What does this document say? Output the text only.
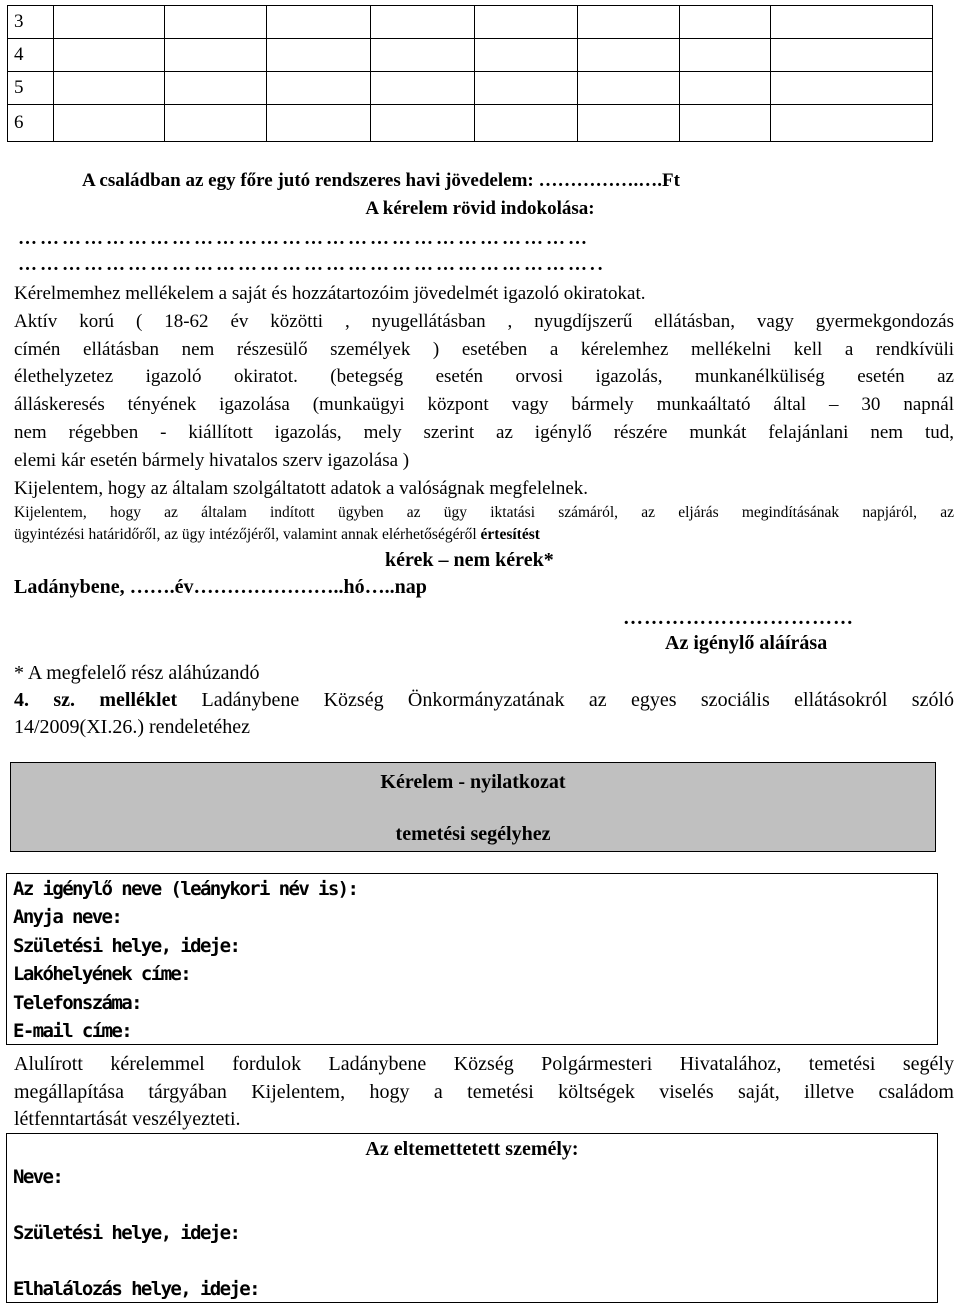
3								
4								
5								
6								
A családban az egy főre jutó rendszeres havi jövedelem: …………….….Ft
A kérelem rövid indokolása:
……………………………………………………………………
……………………………………………………………………..
Kérelmemhez mellékelem a saját és hozzátartozóim jövedelmét igazoló okiratokat.
Aktív korú ( 18-62 év közötti , nyugellátásban , nyugdíjszerű ellátásban, vagy gyermekgondozás
címén ellátásban nem részesülő személyek ) esetében a kérelemhez mellékelni kell a rendkívüli
élethelyzetez igazoló okiratot. (betegség esetén orvosi igazolás, munkanélküliség esetén az
álláskeresés tényének igazolása (munkaügyi központ vagy bármely munkaáltató által – 30 napnál
nem régebben - kiállított igazolás, mely szerint az igénylő részére munkát felajánlani nem tud,
elemi kár esetén bármely hivatalos szerv igazolása )
Kijelentem, hogy az általam szolgáltatott adatok a valóságnak megfelelnek.
Kijelentem, hogy az általam indított ügyben az ügy iktatási számáról, az eljárás megindításának napjáról, az
ügyintézési határidőről, az ügy intézőjéről, valamint annak elérhetőségéről értesítést
kérek – nem kérek*
Ladánybene, …….év…………………..hó…..nap
……………………………
Az igénylő aláírása
* A megfelelő rész aláhúzandó
4. sz. melléklet Ladánybene Község Önkormányzatának az egyes szociális ellátásokról szóló
14/2009(XI.26.) rendeletéhez
Kérelem - nyilatkozat
temetési segélyhez
Az igénylő neve (leánykori név is):
Anyja neve:
Születési helye, ideje:
Lakóhelyének címe:
Telefonszáma:
E-mail címe:
Alulírott kérelemmel fordulok Ladánybene Község Polgármesteri Hivatalához, temetési segély
megállapítása tárgyában Kijelentem, hogy a temetési költségek viselés saját, illetve családom
létfenntartását veszélyezteti.
Az eltemettetett személy:
Neve:
Születési helye, ideje:
Elhalálozás helye, ideje:
